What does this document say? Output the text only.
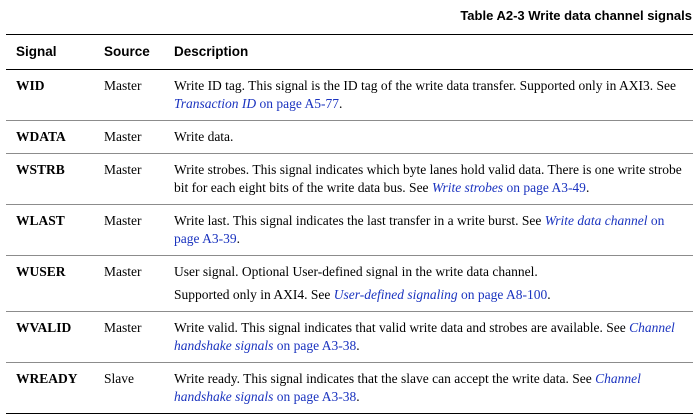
Table A2-3 Write data channel signals
Signal	Source	Description
WID	Master	Write ID tag. This signal is the ID tag of the write data transfer. Supported only in AXI3. See Transaction ID on page A5-77.

WDATA	Master	Write data.

WSTRB	Master	Write strobes. This signal indicates which byte lanes hold valid data. There is one write strobe bit for each eight bits of the write data bus. See Write strobes on page A3-49.

WLAST	Master	Write last. This signal indicates the last transfer in a write burst. See Write data channel on page A3-39.

WUSER	Master	User signal. Optional User-defined signal in the write data channel.

Supported only in AXI4. See User-defined signaling on page A8-100.

WVALID	Master	Write valid. This signal indicates that valid write data and strobes are available. See Channel handshake signals on page A3-38.

WREADY	Slave	Write ready. This signal indicates that the slave can accept the write data. See Channel handshake signals on page A3-38.
